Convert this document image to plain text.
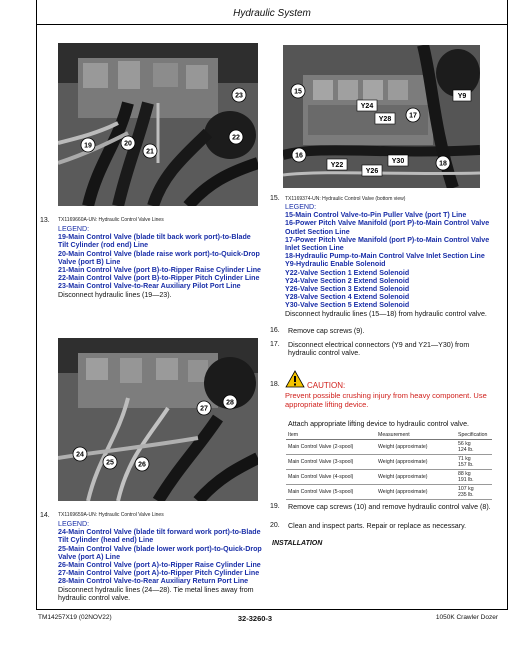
Hydraulic System
19	20
21
22
23
15
16
17
18
Y9
Y22
Y24
Y26
Y28
Y30
24
25	26
27
28
TX1169660A-UN: Hydraulic Control Valve Lines
TX1169374-UN: Hydraulic Control Valve (bottom view)
TX1169659A-UN: Hydraulic Control Valve Lines
13.
LEGEND:
19-Main Control Valve (blade tilt back work port)-to-Blade Tilt Cylinder (rod end) Line
20-Main Control Valve (blade raise work port)-to-Quick-Drop Valve (port B) Line
21-Main Control Valve (port B)-to-Ripper Raise Cylinder Line
22-Main Control Valve (port B)-to-Ripper Pitch Cylinder Line
23-Main Control Valve-to-Rear Auxiliary Pilot Port Line
Disconnect hydraulic lines (19—23).
14.
LEGEND:
24-Main Control Valve (blade tilt forward work port)-to-Blade Tilt Cylinder (head end) Line
25-Main Control Valve (blade lower work port)-to-Quick-Drop Valve (port A) Line
26-Main Control Valve (port A)-to-Ripper Raise Cylinder Line
27-Main Control Valve (port A)-to-Ripper Pitch Cylinder Line
28-Main Control Valve-to-Rear Auxiliary Return Port Line
Disconnect hydraulic lines (24—28). Tie metal lines away from hydraulic control valve.
15.
LEGEND:
15-Main Control Valve-to-Pin Puller Valve (port T) Line
16-Power Pitch Valve Manifold (port P)-to-Main Control Valve Outlet Section Line
17-Power Pitch Valve Manifold (port P)-to-Main Control Valve Inlet Section Line
18-Hydraulic Pump-to-Main Control Valve Inlet Section Line
Y9-Hydraulic Enable Solenoid
Y22-Valve Section 1 Extend Solenoid
Y24-Valve Section 2 Extend Solenoid
Y26-Valve Section 3 Extend Solenoid
Y28-Valve Section 4 Extend Solenoid
Y30-Valve Section 5 Extend Solenoid
Disconnect hydraulic lines (15—18) from hydraulic control valve.
16. Remove cap screws (9).
17. Disconnect electrical connectors (Y9 and Y21—Y30) from hydraulic control valve.
18.	CAUTION:
Prevent possible crushing injury from heavy component. Use appropriate lifting device.
Attach appropriate lifting device to hydraulic control valve.
Item	Measurement	Specification
Main Control Valve (2-spool)	Weight (approximate)	56 kg
124 lb.

Main Control Valve (3-spool)	Weight (approximate)	71 kg
157 lb.

Main Control Valve (4-spool)	Weight (approximate)	88 kg
191 lb.

Main Control Valve (5-spool)	Weight (approximate)	107 kg
235 lb.
19. Remove cap screws (10) and remove hydraulic control valve (8).
20. Clean and inspect parts. Repair or replace as necessary.
INSTALLATION
TM14257X19 (02NOV22)	32-3260-3	1050K Crawler Dozer
